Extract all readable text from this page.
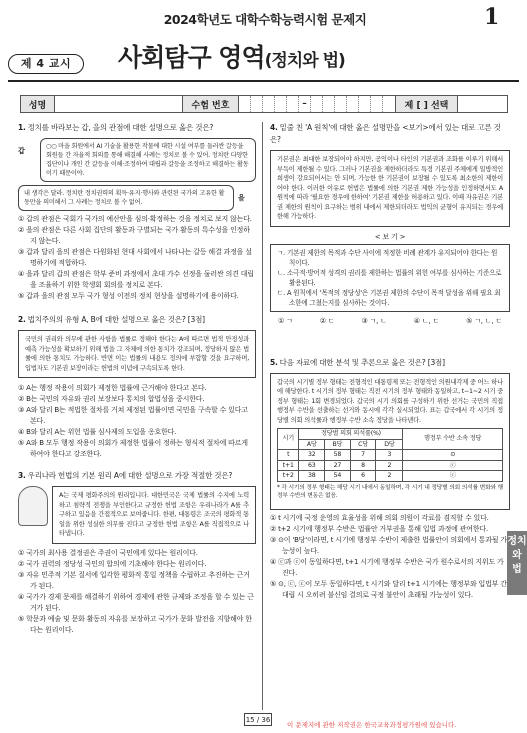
2024학년도 대학수학능력시험 문제지	1
제 4 교시	사회탐구 영역(정치와 법)
성명	수험 번호	–	제 [ ] 선택
1. 정치를 바라보는 갑, 을의 관점에 대한 설명으로 옳은 것은?
갑
○○ 마을 회원에서 AI 기술을 활용한 작물에 대한 시설 여부를 둘러싼 갈등을 회원들 간 자율적 회의를 통해 해결해 사례는 정치로 볼 수 있어. 정치란 다양한 집단이나 개인 간 갈등을 이해·조정하여 대립과 갈등을 조정하고 해결하는 활동이기 때문이야.
내 생각은 달라. 정치란 정치권력의 획득·유지·행사와 관련된 국가의 고유한 활동만을 의미해서 그 사례는 정치로 볼 수 없어.
을
① 갑의 관점은 국회가 국가의 예산안을 심의·확정하는 것을 정치로 보지 않는다.
② 을의 관점은 다른 사회 집단의 활동과 구별되는 국가 활동의 특수성을 인정하지 않는다.
③ 갑과 달리 을의 관점은 다원화된 현대 사회에서 나타나는 갈등 해결 과정을 설명하기에 적합하다.
④ 을과 달리 갑의 관점은 학부 준비 과정에서 초대 가수 선정을 둘러싼 의견 대립을 조율하기 위한 학생회 회의를 정치로 본다.
⑤ 갑과 을의 관점 모두 국가 형성 이전의 정치 현상을 설명하기에 용이하다.
2. 법치주의의 유형 A, B에 대한 설명으로 옳은 것은? [3점]
국민의 권리와 의무에 관한 사항을 법률로 정해야 한다는 A에 따르면 법적 안정성과 예측 가능성을 확보하기 위해 법을 그 자체에 의한 통치가 강조되며, 정당하지 않은 법률에 의한 통치도 가능하다. 반면 이는 법률의 내용도 정의에 부합할 것을 요구하며, 입법자도 기본권 보장이라는 헌법의 이념에 구속되도록 한다.
① A는 행정 작용이 의회가 제정한 법률에 근거해야 한다고 본다.
② B는 국민의 자유와 권리 보장보다 통치의 합법성을 중시한다.
③ A와 달리 B는 적법한 절차를 거쳐 제정된 법률이면 국민을 구속할 수 있다고 본다.
④ B와 달리 A는 위헌 법률 심사제의 도입을 옹호한다.
⑤ A와 B 모두 행정 작용이 의회가 제정한 법률이 정하는 형식적 절차에 따르게 하여야 한다고 강조한다.
3. 우리나라 헌법의 기본 원리 A에 대한 설명으로 가장 적절한 것은?
A는 국제 평화주의의 원리입니다. 대한민국은 국제 법률의 수지에 노력하고 침략적 전쟁을 부인한다고 규정한 헌법 조항은 우리나라가 A를 추구하고 있음을 간접적으로 보여줍니다. 한편, 대통령은 조국의 평화적 통일을 위한 성실한 의무를 진다고 규정한 헌법 조항은 A를 직접적으로 나타냅니다.
① 국가의 최사용 결정권은 주권이 국민에게 있다는 원리이다.
② 국가 권력의 정당성 국민의 합의에 기초해야 한다는 원리이다.
③ 자유 민주적 기본 질서에 입각한 평화적 통일 정책을 수립하고 추진하는 근거가 된다.
④ 국가가 경제 문제를 해결하기 위하여 경제에 관한 규제와 조정을 할 수 있는 근거가 된다.
⑤ 학문과 예술 및 문화 활동의 자유를 보장하고 국가가 문화 발전을 지향해야 한다는 원리이다.
4. 밑줄 친 'A 원칙'에 대한 옳은 설명만을 <보기>에서 있는 대로 고른 것은?
기본권은 최대한 보장되어야 하지만, 공익이나 타인의 기본권과 조화를 이루기 위해서 부득이 제한될 수 있다. 그러나 기본권을 제한하더라도 특정 기본권 주체에게 일방적인 희생이 강요되어서는 안 되며, 가능한 한 기본권이 보장될 수 있도록 최소한의 제한이어야 한다. 이러한 이유로 헌법은 법률에 의한 기본권 제한 가능성을 인정하면서도 A 원칙에 따라 '필요한 경우에 한하여' 기본권 제한을 허용하고 있다. 이때 자유권은 기본권 제한의 원칙이 요구하는 범위 내에서 제한되더라도 법익의 균형이 유지되는 경우에 한해 가능하다.
< 보 기 >
ㄱ. 기본권 제한의 목적과 수단 사이에 적정한 비례 관계가 유지되어야 한다는 원칙이다.
ㄴ. 소극적·방어적 성격의 권리를 제한하는 법률의 위헌 여부를 심사하는 기준으로 활용된다.
ㄷ. A 원칙에서 '목적의 정당성'은 기본권 제한의 수단이 목적 달성을 위해 필요 최소한에 그쳤는지를 심사하는 것이다.
① ㄱ	② ㄷ	③ ㄱ, ㄴ	④ ㄴ, ㄷ	⑤ ㄱ, ㄴ, ㄷ
5. 다음 자료에 대한 분석 및 추론으로 옳은 것은? [3점]
갑국의 시기별 정부 형태는 전형적인 대통령제 또는 전형적인 의원내각제 중 어느 하나에 해당한다. t 시기의 정부 형태는 직전 시기의 정부 형태와 동일하고, t−1~2 시기 중 정부 형태는 1회 변경되었다. 갑국의 시기 의회를 구성하기 위한 선거는 국민의 직접 행정부 수반을 선출하는 선거와 동시에 각각 실시되었다. 표는 갑국에서 각 시기의 정당별 의회 의석률과 행정부 수반 소속 정당을 나타낸다.
시기	정당별 의회 의석률(%)				행정부 수반 소속 정당
	A당	B당	C당	D당	
t	32	58	7	3	⊙
t+1	63	27	8	2	ⓒ
t+2	38	54	6	2	ⓒ
* 각 시기의 정부 형태는 해당 시기 내에서 동일하며, 각 시기 내 정당별 의회 의석률 변화와 행정부 수반의 변동은 없음.
① t 시기에 국정 운영의 효율성을 위해 의회 의원이 각료를 겸직할 수 있다.
② t+2 시기에 행정부 수반은 법률안 거부권을 통해 입법 과정에 관여한다.
③ ⊙이 'B당'이라면, t 시기에 행정부 수반이 제출한 법률안이 의회에서 통과될 가능성이 높다.
④ ⓒ과 ⓒ이 동일하다면, t+1 시기에 행정부 수반은 국가 원수로서의 지위도 가진다.
⑤ ⊙, ⓒ, ⓒ이 모두 동일하다면, t 시기와 달리 t+1 시기에는 행정부와 입법부 간 대립 시 오히려 불신임 결의로 국정 불안이 초래될 가능성이 있다.
정치와 법
15 / 36
이 문제지에 관한 저작권은 한국교육과정평가원에 있습니다.
